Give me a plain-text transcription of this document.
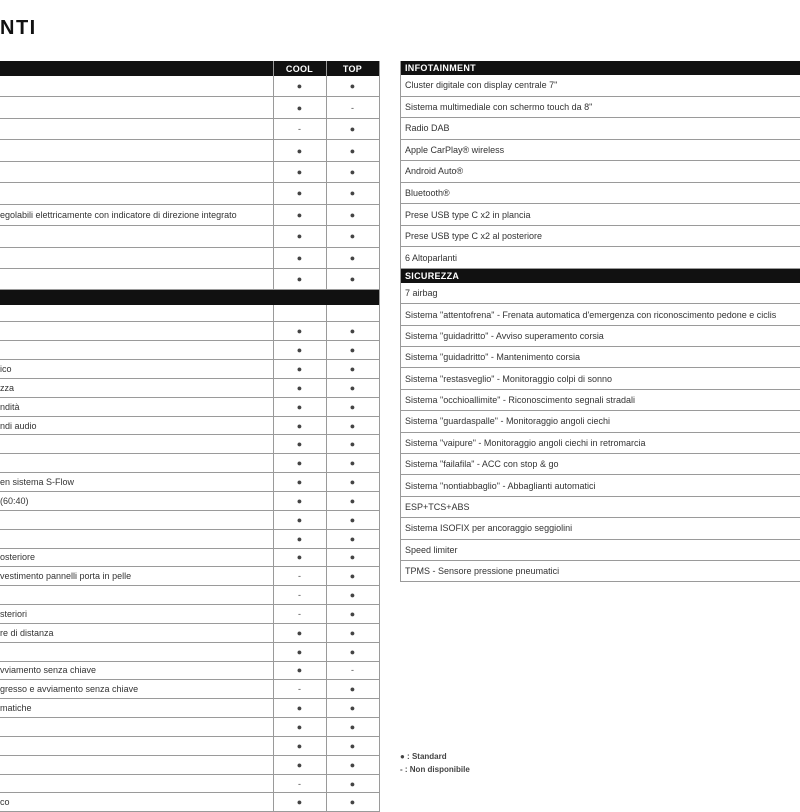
NTI
	COOL	TOP
	●	●
	●	-
	-	●
	●	●
	●	●
	●	●
egolabili elettricamente con indicatore di direzione integrato	●	●
	●	●
	●	●
	●	●

	●	●
	●	●
ico	●	●
zza	●	●
ndità	●	●
ndi audio	●	●
	●	●
	●	●
en sistema S-Flow	●	●
(60:40)	●	●
	●	●
	●	●
osteriore	●	●
vestimento pannelli porta in pelle	-	●
	-	●
steriori	-	●
re di distanza	●	●
	●	●
vviamento senza chiave	●	-
gresso e avviamento senza chiave	-	●
matiche	●	●
	●	●
	●	●
	●	●
	-	●
co	●	●
INFOTAINMENT
Cluster digitale con display centrale 7"
Sistema multimediale con schermo touch da 8"
Radio DAB
Apple CarPlay® wireless
Android Auto®
Bluetooth®
Prese USB type C x2 in plancia
Prese USB type C x2 al posteriore
6 Altoparlanti
SICUREZZA
7 airbag
Sistema "attentofrena" - Frenata automatica d'emergenza con riconoscimento pedone e ciclis
Sistema "guidadritto" - Avviso superamento corsia
Sistema "guidadritto" - Mantenimento corsia
Sistema "restasveglio" - Monitoraggio colpi di sonno
Sistema "occhioallimite" - Riconoscimento segnali stradali
Sistema "guardaspalle" - Monitoraggio angoli ciechi
Sistema "vaipure" - Monitoraggio angoli ciechi in retromarcia
Sistema "failafila" - ACC con stop & go
Sistema "nontiabbaglio" - Abbaglianti automatici
ESP+TCS+ABS
Sistema ISOFIX per ancoraggio seggiolini
Speed limiter
TPMS - Sensore pressione pneumatici
● : Standard
- : Non disponibile
